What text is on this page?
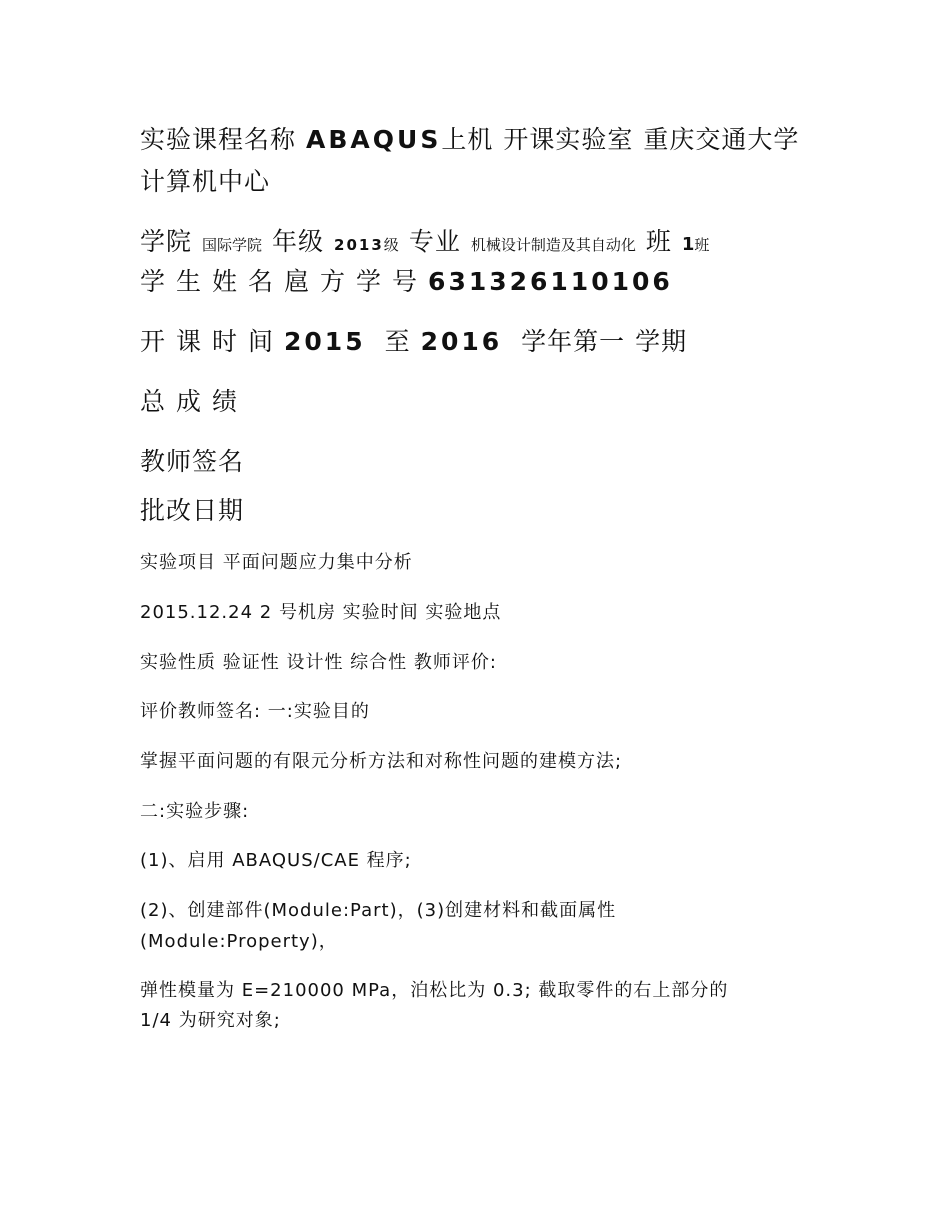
实验课程名称 ABAQUS上机 开课实验室 重庆交通大学
计算机中心
学院 国际学院 年级 2013级 专业 机械设计制造及其自动化 班 1班
学生姓名扈方学号631326110106
开课时间2015 至2016 学年第一学期
总成绩
教师签名
批改日期
实验项目 平面问题应力集中分析
2015.12.24 2 号机房 实验时间 实验地点
实验性质 验证性 设计性 综合性 教师评价:
评价教师签名: 一:实验目的
掌握平面问题的有限元分析方法和对称性问题的建模方法;
二:实验步骤:
(1)、启用 ABAQUS/CAE 程序;
(2)、创建部件(Module:Part)，(3)创建材料和截面属性
(Module:Property)，
弹性模量为 E=210000 MPa，泊松比为 0.3; 截取零件的右上部分的
1/4 为研究对象;
